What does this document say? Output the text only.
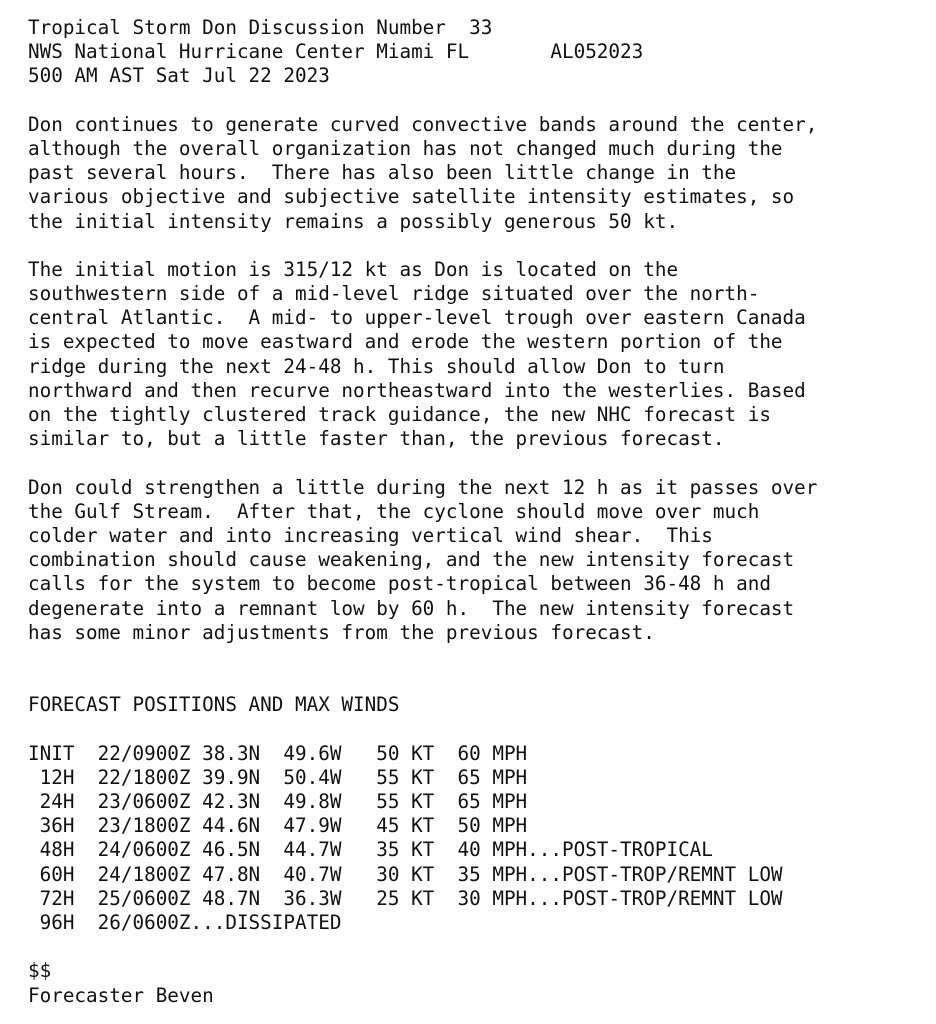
Tropical Storm Don Discussion Number  33
NWS National Hurricane Center Miami FL       AL052023
500 AM AST Sat Jul 22 2023
Don continues to generate curved convective bands around the center,
although the overall organization has not changed much during the
past several hours.  There has also been little change in the
various objective and subjective satellite intensity estimates, so
the initial intensity remains a possibly generous 50 kt.
The initial motion is 315/12 kt as Don is located on the
southwestern side of a mid-level ridge situated over the north-
central Atlantic.  A mid- to upper-level trough over eastern Canada
is expected to move eastward and erode the western portion of the
ridge during the next 24-48 h. This should allow Don to turn
northward and then recurve northeastward into the westerlies. Based
on the tightly clustered track guidance, the new NHC forecast is
similar to, but a little faster than, the previous forecast.
Don could strengthen a little during the next 12 h as it passes over
the Gulf Stream.  After that, the cyclone should move over much
colder water and into increasing vertical wind shear.  This
combination should cause weakening, and the new intensity forecast
calls for the system to become post-tropical between 36-48 h and
degenerate into a remnant low by 60 h.  The new intensity forecast
has some minor adjustments from the previous forecast.
FORECAST POSITIONS AND MAX WINDS
INIT  22/0900Z 38.3N  49.6W   50 KT  60 MPH
12H  22/1800Z 39.9N  50.4W   55 KT  65 MPH
24H  23/0600Z 42.3N  49.8W   55 KT  65 MPH
36H  23/1800Z 44.6N  47.9W   45 KT  50 MPH
48H  24/0600Z 46.5N  44.7W   35 KT  40 MPH...POST-TROPICAL
60H  24/1800Z 47.8N  40.7W   30 KT  35 MPH...POST-TROP/REMNT LOW
72H  25/0600Z 48.7N  36.3W   25 KT  30 MPH...POST-TROP/REMNT LOW
96H  26/0600Z...DISSIPATED
$$
Forecaster Beven
